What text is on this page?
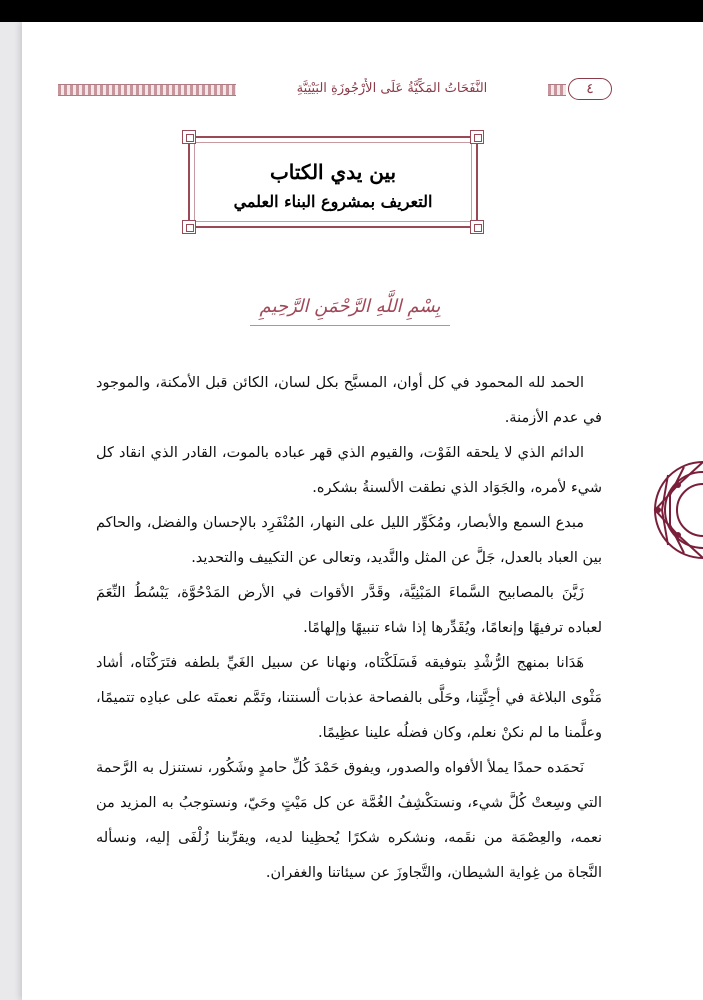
النَّفَحَاتُ المَكِّيَّةُ عَلَى الأُرْجُوزَةِ البَيْتِيَّةِ	٤
بين يدي الكتاب
التعريف بمشروع البناء العلمي
بِسْمِ اللَّهِ الرَّحْمَنِ الرَّحِيمِ

الحمد لله المحمود في كل أوان، المسبَّح بكل لسان، الكائن قبل الأمكنة، والموجود في عدم الأزمنة.

الدائم الذي لا يلحقه الفَوْت، والقيوم الذي قهر عباده بالموت، القادر الذي انقاد كل شيء لأمره، والجَوَاد الذي نطقت الألسنةُ بشكره.

مبدع السمع والأبصار، ومُكَوِّر الليل على النهار، المُنْفَرِد بالإحسان والفضل، والحاكم بين العباد بالعدل، جَلَّ عن المثل والنَّديد، وتعالى عن التكييف والتحديد.

زَيَّنَ بالمصابيح السَّماءَ المَبْنِيَّة، وقَدَّر الأقوات في الأرض المَدْحُوَّة، يَبْسُطُ النِّعَمَ لعباده ترفيهًا وإنعامًا، ويُقَدِّرها إذا شاء تنبيهًا وإلهامًا.

هَدَانا بمنهج الرُّشْدِ بتوفيقه فَسَلَكْنَاه، ونهانا عن سبيل الغَيِّ بلطفه فتَرَكْنَاه، أشاد مَثْوى البلاغة في أجِنَّتِنا، وحَلَّى بالفصاحة عذبات ألسنتنا، وتَمَّم نعمتَه على عبادِه تتميمًا، وعلَّمنا ما لم نكنْ نعلم، وكان فضلُه علينا عظِيمًا.

نَحمَده حمدًا يملأ الأفواه والصدور، ويفوق حَمْدَ كُلِّ حامدٍ وشَكُور، نستنزل به الرَّحمة التي وسِعتْ كُلَّ شيء، ونستكْشِفُ الغُمَّة عن كل مَيْتٍ وحَيّ، ونستوجبُ به المزيد من نعمه، والعِصْمَة من نقَمه، ونشكره شكرًا يُحظِينا لديه، ويقرِّبنا زُلْفَى إليه، ونسأله النَّجاة من غِواية الشيطان، والتَّجاوزَ عن سيئاتنا والغفران.
